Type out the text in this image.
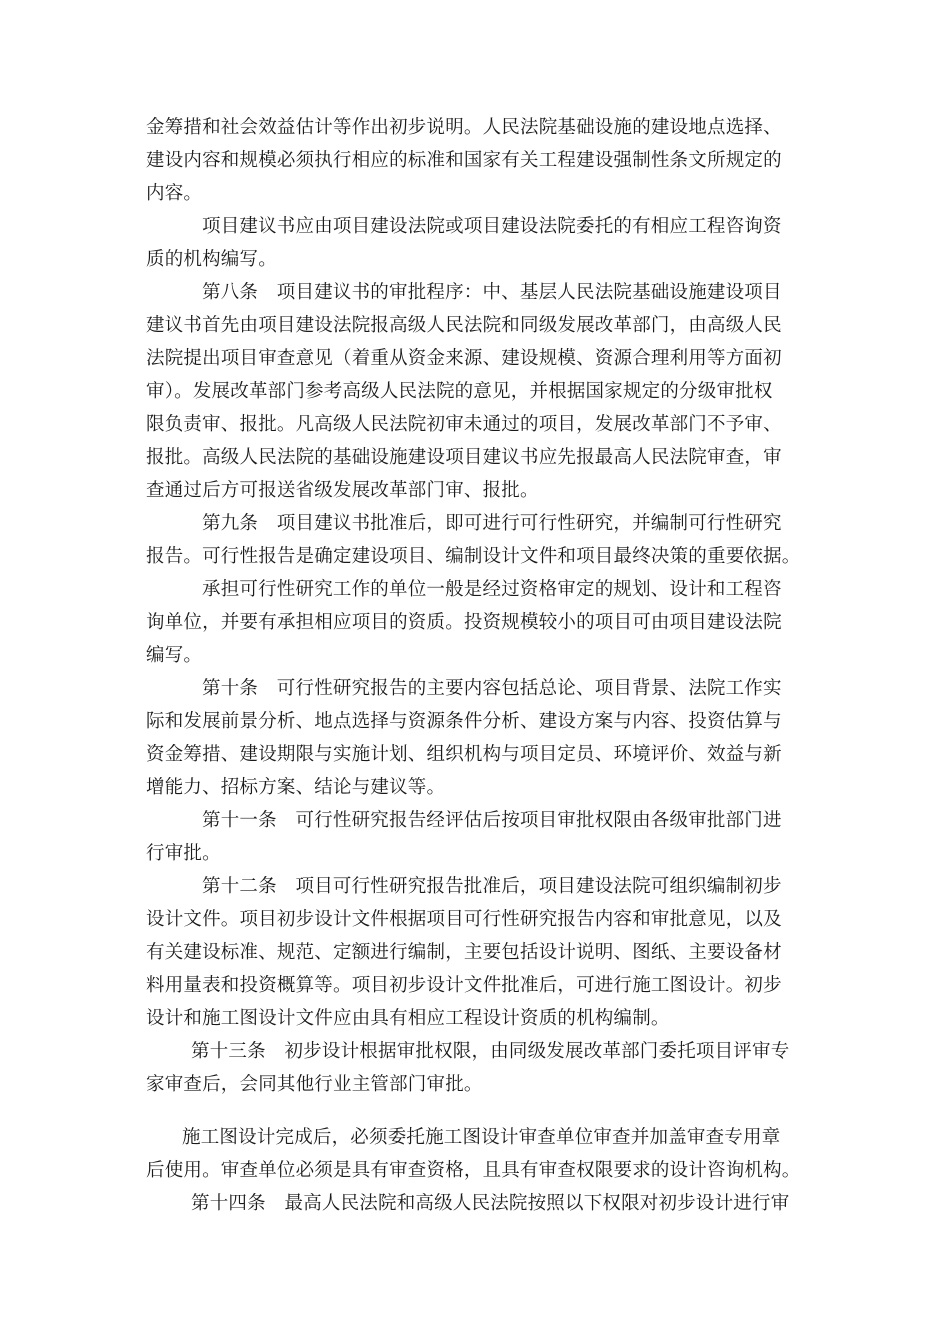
金筹措和社会效益估计等作出初步说明。人民法院基础设施的建设地点选择、
建设内容和规模必须执行相应的标准和国家有关工程建设强制性条文所规定的
内容。
项目建议书应由项目建设法院或项目建设法院委托的有相应工程咨询资
质的机构编写。
第八条　项目建议书的审批程序：中、基层人民法院基础设施建设项目
建议书首先由项目建设法院报高级人民法院和同级发展改革部门，由高级人民
法院提出项目审查意见（着重从资金来源、建设规模、资源合理利用等方面初
审）。发展改革部门参考高级人民法院的意见，并根据国家规定的分级审批权
限负责审、报批。凡高级人民法院初审未通过的项目，发展改革部门不予审、
报批。高级人民法院的基础设施建设项目建议书应先报最高人民法院审查，审
查通过后方可报送省级发展改革部门审、报批。
第九条　项目建议书批准后，即可进行可行性研究，并编制可行性研究
报告。可行性报告是确定建设项目、编制设计文件和项目最终决策的重要依据。
承担可行性研究工作的单位一般是经过资格审定的规划、设计和工程咨
询单位，并要有承担相应项目的资质。投资规模较小的项目可由项目建设法院
编写。
第十条　可行性研究报告的主要内容包括总论、项目背景、法院工作实
际和发展前景分析、地点选择与资源条件分析、建设方案与内容、投资估算与
资金筹措、建设期限与实施计划、组织机构与项目定员、环境评价、效益与新
增能力、招标方案、结论与建议等。
第十一条　可行性研究报告经评估后按项目审批权限由各级审批部门进
行审批。
第十二条　项目可行性研究报告批准后，项目建设法院可组织编制初步
设计文件。项目初步设计文件根据项目可行性研究报告内容和审批意见，以及
有关建设标准、规范、定额进行编制，主要包括设计说明、图纸、主要设备材
料用量表和投资概算等。项目初步设计文件批准后，可进行施工图设计。初步
设计和施工图设计文件应由具有相应工程设计资质的机构编制。
第十三条　初步设计根据审批权限，由同级发展改革部门委托项目评审专
家审查后，会同其他行业主管部门审批。
施工图设计完成后，必须委托施工图设计审查单位审查并加盖审查专用章
后使用。审查单位必须是具有审查资格，且具有审查权限要求的设计咨询机构。
第十四条　最高人民法院和高级人民法院按照以下权限对初步设计进行审
